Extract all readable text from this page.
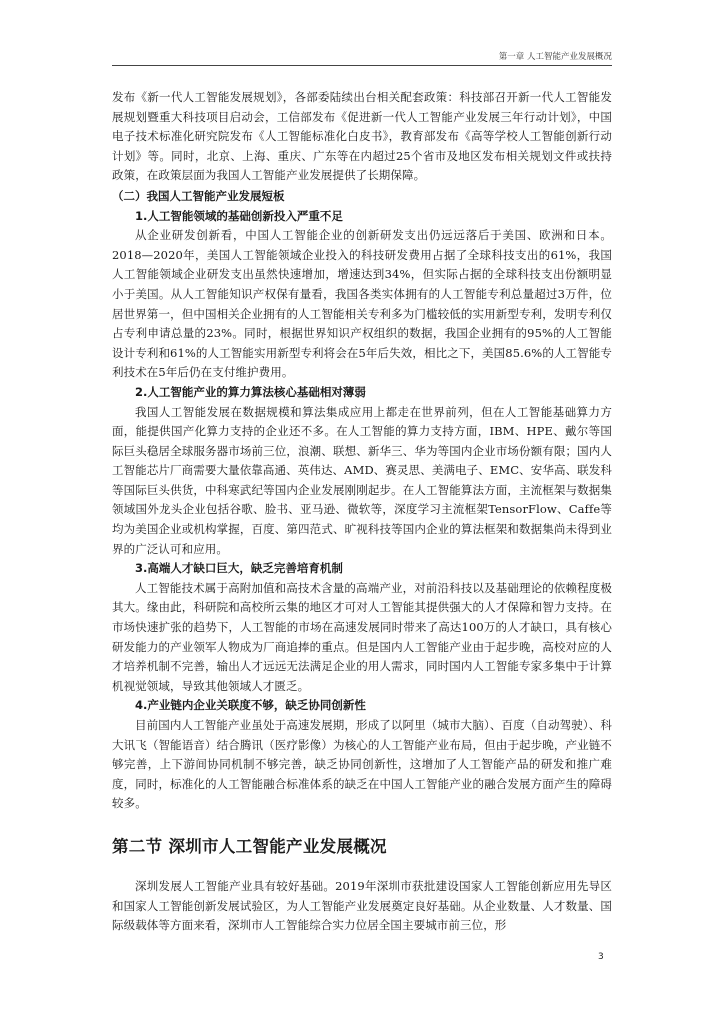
第一章 人工智能产业发展概况

发布《新一代人工智能发展规划》，各部委陆续出台相关配套政策：科技部召开新一代人工智能发展规划暨重大科技项目启动会，工信部发布《促进新一代人工智能产业发展三年行动计划》，中国电子技术标准化研究院发布《人工智能标准化白皮书》，教育部发布《高等学校人工智能创新行动计划》等。同时，北京、上海、重庆、广东等在内超过25个省市及地区发布相关规划文件或扶持政策，在政策层面为我国人工智能产业发展提供了长期保障。

（二）我国人工智能产业发展短板

1.人工智能领域的基础创新投入严重不足

从企业研发创新看，中国人工智能企业的创新研发支出仍远远落后于美国、欧洲和日本。2018—2020年，美国人工智能领域企业投入的科技研发费用占据了全球科技支出的61%，我国人工智能领域企业研发支出虽然快速增加，增速达到34%，但实际占据的全球科技支出份额明显小于美国。从人工智能知识产权保有量看，我国各类实体拥有的人工智能专利总量超过3万件，位居世界第一，但中国相关企业拥有的人工智能相关专利多为门槛较低的实用新型专利，发明专利仅占专利申请总量的23%。同时，根据世界知识产权组织的数据，我国企业拥有的95%的人工智能设计专利和61%的人工智能实用新型专利将会在5年后失效，相比之下，美国85.6%的人工智能专利技术在5年后仍在支付维护费用。

2.人工智能产业的算力算法核心基础相对薄弱

我国人工智能发展在数据规模和算法集成应用上都走在世界前列，但在人工智能基础算力方面，能提供国产化算力支持的企业还不多。在人工智能的算力支持方面，IBM、HPE、戴尔等国际巨头稳居全球服务器市场前三位，浪潮、联想、新华三、华为等国内企业市场份额有限；国内人工智能芯片厂商需要大量依靠高通、英伟达、AMD、赛灵思、美满电子、EMC、安华高、联发科等国际巨头供货，中科寒武纪等国内企业发展刚刚起步。在人工智能算法方面，主流框架与数据集领域国外龙头企业包括谷歌、脸书、亚马逊、微软等，深度学习主流框架TensorFlow、Caffe等均为美国企业或机构掌握，百度、第四范式、旷视科技等国内企业的算法框架和数据集尚未得到业界的广泛认可和应用。

3.高端人才缺口巨大，缺乏完善培育机制

人工智能技术属于高附加值和高技术含量的高端产业，对前沿科技以及基础理论的依赖程度极其大。缘由此，科研院和高校所云集的地区才可对人工智能其提供强大的人才保障和智力支持。在市场快速扩张的趋势下，人工智能的市场在高速发展同时带来了高达100万的人才缺口，具有核心研发能力的产业领军人物成为厂商追捧的重点。但是国内人工智能产业由于起步晚，高校对应的人才培养机制不完善，输出人才远远无法满足企业的用人需求，同时国内人工智能专家多集中于计算机视觉领域，导致其他领域人才匮乏。

4.产业链内企业关联度不够，缺乏协同创新性

目前国内人工智能产业虽处于高速发展期，形成了以阿里（城市大脑）、百度（自动驾驶）、科大讯飞（智能语音）结合腾讯（医疗影像）为核心的人工智能产业布局，但由于起步晚，产业链不够完善，上下游间协同机制不够完善，缺乏协同创新性，这增加了人工智能产品的研发和推广难度，同时，标准化的人工智能融合标准体系的缺乏在中国人工智能产业的融合发展方面产生的障碍较多。

第二节 深圳市人工智能产业发展概况

深圳发展人工智能产业具有较好基础。2019年深圳市获批建设国家人工智能创新应用先导区和国家人工智能创新发展试验区，为人工智能产业发展奠定良好基础。从企业数量、人才数量、国际级载体等方面来看，深圳市人工智能综合实力位居全国主要城市前三位，形

3
